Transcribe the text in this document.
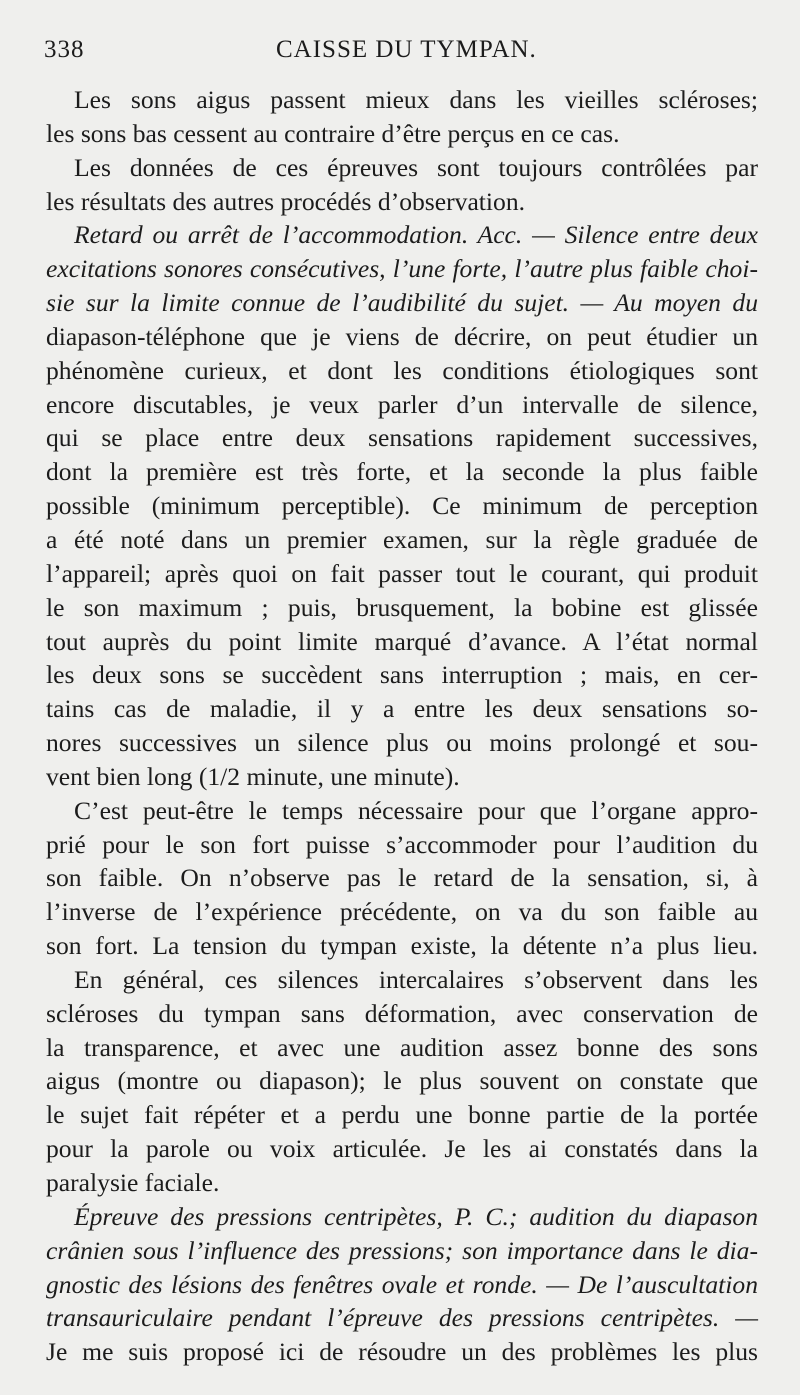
338	CAISSE DU TYMPAN.
Les sons aigus passent mieux dans les vieilles scléroses;
les sons bas cessent au contraire d’être perçus en ce cas.
Les données de ces épreuves sont toujours contrôlées par
les résultats des autres procédés d’observation.
Retard ou arrêt de l’accommodation. Acc. — Silence entre deux
excitations sonores consécutives, l’une forte, l’autre plus faible choi-
sie sur la limite connue de l’audibilité du sujet. — Au moyen du
diapason-téléphone que je viens de décrire, on peut étudier un
phénomène curieux, et dont les conditions étiologiques sont
encore discutables, je veux parler d’un intervalle de silence,
qui se place entre deux sensations rapidement successives,
dont la première est très forte, et la seconde la plus faible
possible (minimum perceptible). Ce minimum de perception
a été noté dans un premier examen, sur la règle graduée de
l’appareil; après quoi on fait passer tout le courant, qui produit
le son maximum ; puis, brusquement, la bobine est glissée
tout auprès du point limite marqué d’avance. A l’état normal
les deux sons se succèdent sans interruption ; mais, en cer-
tains cas de maladie, il y a entre les deux sensations so-
nores successives un silence plus ou moins prolongé et sou-
vent bien long (1/2 minute, une minute).
C’est peut-être le temps nécessaire pour que l’organe appro-
prié pour le son fort puisse s’accommoder pour l’audition du
son faible. On n’observe pas le retard de la sensation, si, à
l’inverse de l’expérience précédente, on va du son faible au
son fort. La tension du tympan existe, la détente n’a plus lieu.
En général, ces silences intercalaires s’observent dans les
scléroses du tympan sans déformation, avec conservation de
la transparence, et avec une audition assez bonne des sons
aigus (montre ou diapason); le plus souvent on constate que
le sujet fait répéter et a perdu une bonne partie de la portée
pour la parole ou voix articulée. Je les ai constatés dans la
paralysie faciale.
Épreuve des pressions centripètes, P. C.; audition du diapason
crânien sous l’influence des pressions; son importance dans le dia-
gnostic des lésions des fenêtres ovale et ronde. — De l’auscultation
transauriculaire pendant l’épreuve des pressions centripètes. —
Je me suis proposé ici de résoudre un des problèmes les plus
